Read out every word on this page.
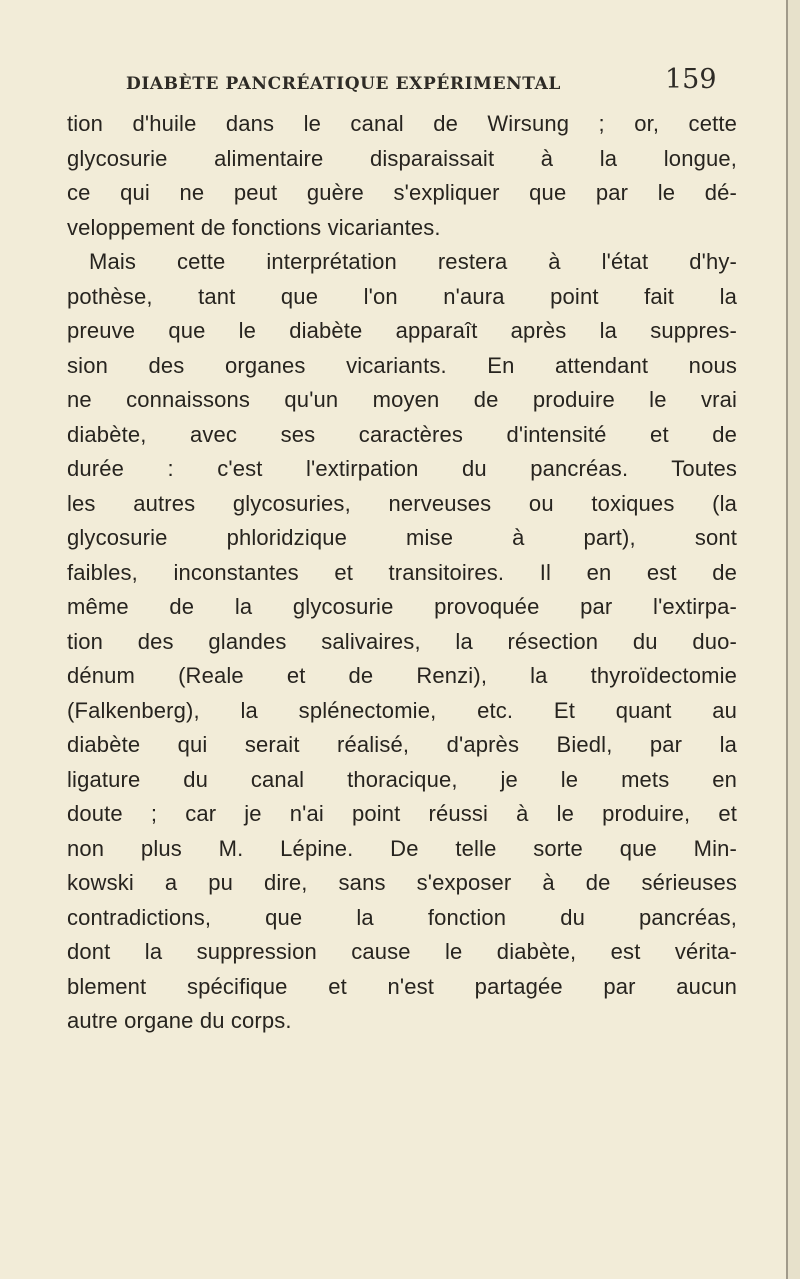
DIABÈTE PANCRÉATIQUE EXPÉRIMENTAL	159
tion d'huile dans le canal de Wirsung ; or, cette
glycosurie alimentaire disparaissait à la longue,
ce qui ne peut guère s'expliquer que par le dé-
veloppement de fonctions vicariantes.
Mais cette interprétation restera à l'état d'hy-
pothèse, tant que l'on n'aura point fait la
preuve que le diabète apparaît après la suppres-
sion des organes vicariants. En attendant nous
ne connaissons qu'un moyen de produire le vrai
diabète, avec ses caractères d'intensité et de
durée : c'est l'extirpation du pancréas. Toutes
les autres glycosuries, nerveuses ou toxiques (la
glycosurie phloridzique mise à part), sont
faibles, inconstantes et transitoires. Il en est de
même de la glycosurie provoquée par l'extirpa-
tion des glandes salivaires, la résection du duo-
dénum (Reale et de Renzi), la thyroïdectomie
(Falkenberg), la splénectomie, etc. Et quant au
diabète qui serait réalisé, d'après Biedl, par la
ligature du canal thoracique, je le mets en
doute ; car je n'ai point réussi à le produire, et
non plus M. Lépine. De telle sorte que Min-
kowski a pu dire, sans s'exposer à de sérieuses
contradictions, que la fonction du pancréas,
dont la suppression cause le diabète, est vérita-
blement spécifique et n'est partagée par aucun
autre organe du corps.
